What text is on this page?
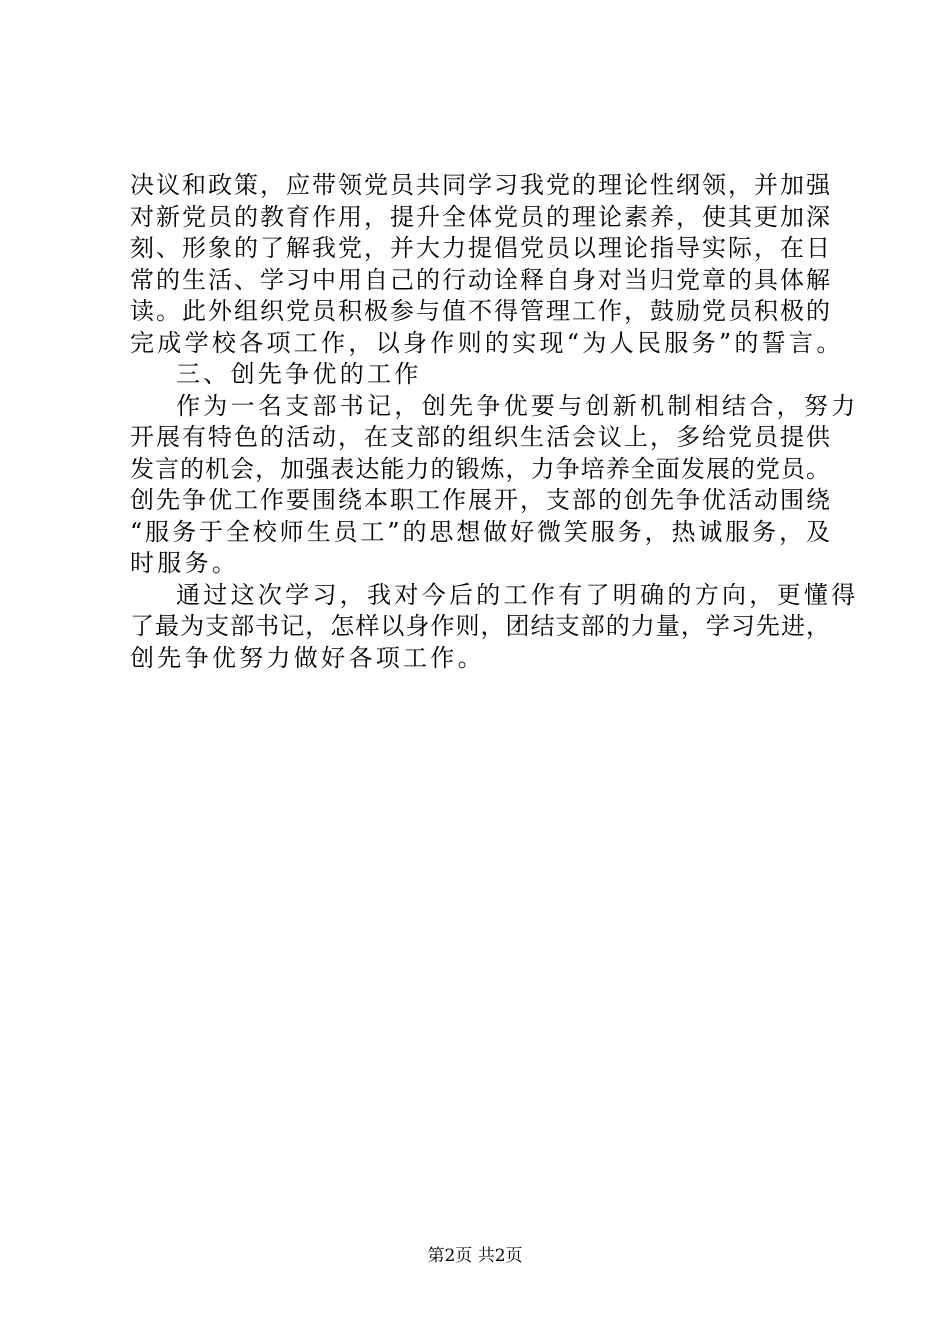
决议和政策，应带领党员共同学习我党的理论性纲领，并加强
对新党员的教育作用，提升全体党员的理论素养，使其更加深
刻、形象的了解我党，并大力提倡党员以理论指导实际，在日
常的生活、学习中用自己的行动诠释自身对当归党章的具体解
读。此外组织党员积极参与值不得管理工作，鼓励党员积极的
完成学校各项工作，以身作则的实现“为人民服务”的誓言。
三、创先争优的工作
作为一名支部书记，创先争优要与创新机制相结合，努力
开展有特色的活动，在支部的组织生活会议上，多给党员提供
发言的机会，加强表达能力的锻炼，力争培养全面发展的党员。
创先争优工作要围绕本职工作展开，支部的创先争优活动围绕
“服务于全校师生员工”的思想做好微笑服务，热诚服务，及
时服务。
通过这次学习，我对今后的工作有了明确的方向，更懂得
了最为支部书记，怎样以身作则，团结支部的力量，学习先进，
创先争优努力做好各项工作。
第2页 共2页
